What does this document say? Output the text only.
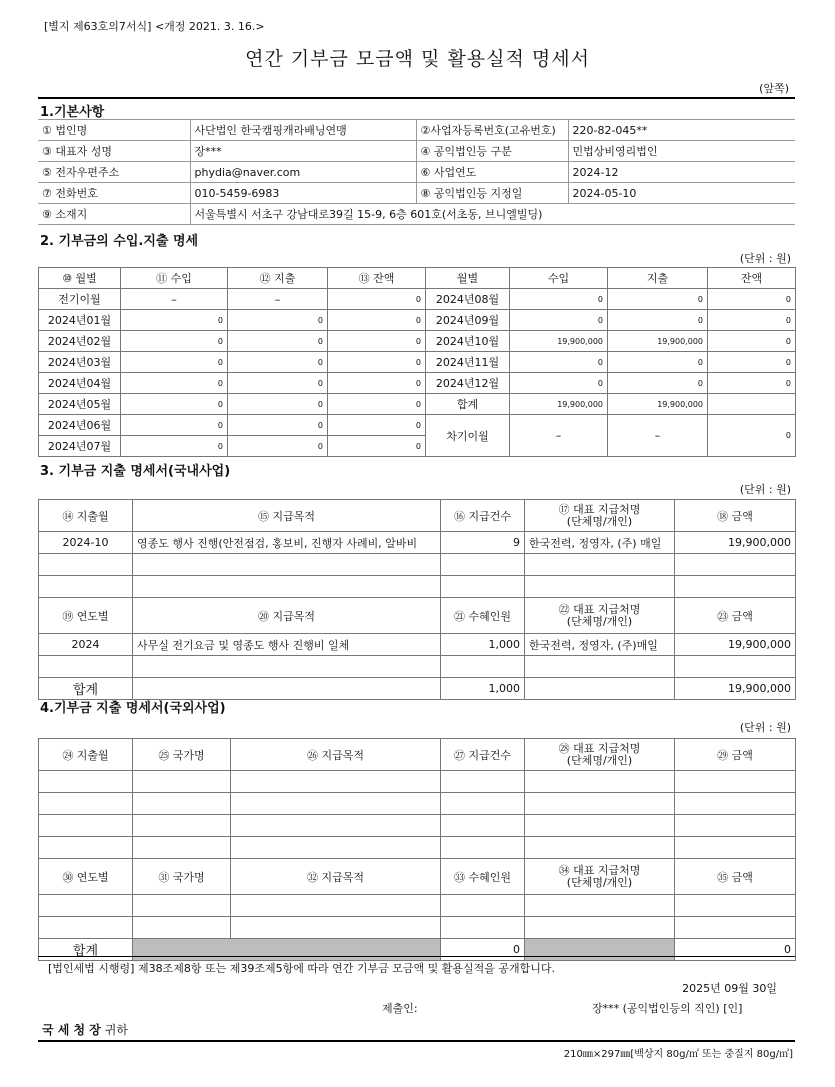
[별지 제63호의7서식] <개정 2021. 3. 16.>
연간 기부금 모금액 및 활용실적 명세서
(앞쪽)
1.기본사항
① 법인명	사단법인 한국캠핑캐라배닝연맹	②사업자등록번호(고유번호)	220-82-045**
③ 대표자 성명	장***	④ 공익법인등 구분	민법상비영리법인
⑤ 전자우편주소	phydia@naver.com	⑥ 사업연도	2024-12
⑦ 전화번호	010-5459-6983	⑧ 공익법인등 지정일	2024-05-10
⑨ 소재지	서울특별시 서초구 강남대로39길 15-9, 6층 601호(서초동, 브니엘빌딩)		
2. 기부금의 수입.지출 명세
(단위 : 원)
⑩ 월별	⑪ 수입	⑫ 지출	⑬ 잔액	월별	수입	지출	잔액
전기이월	–	–	0	2024년08월	0	0	0
2024년01월	0	0	0	2024년09월	0	0	0
2024년02월	0	0	0	2024년10월	19,900,000	19,900,000	0
2024년03월	0	0	0	2024년11월	0	0	0
2024년04월	0	0	0	2024년12월	0	0	0
2024년05월	0	0	0	합계	19,900,000	19,900,000	
2024년06월	0	0	0	차기이월	–	–	0
2024년07월	0	0	0				
3. 기부금 지출 명세서(국내사업)
(단위 : 원)
⑭ 지출월	⑮ 지급목적	⑯ 지급건수	⑰ 대표 지급처명
(단체명/개인)	⑱ 금액
2024-10	영종도 행사 진행(안전점검, 홍보비, 진행자 사례비, 알바비	9	한국전력, 정영자, (주) 매일	19,900,000

⑲ 연도별	⑳ 지급목적	㉑ 수혜인원	㉒ 대표 지급처명
(단체명/개인)	㉓ 금액
2024	사무실 전기요금 및 영종도 행사 진행비 일체	1,000	한국전력, 정영자, (주)매일	19,900,000

합계		1,000		19,900,000
4.기부금 지출 명세서(국외사업)
(단위 : 원)
㉔ 지출월	㉕ 국가명	㉖ 지급목적	㉗ 지급건수	㉘ 대표 지급처명
(단체명/개인)	㉙ 금액

㉚ 연도별	㉛ 국가명	㉜ 지급목적	㉝ 수혜인원	㉞ 대표 지급처명
(단체명/개인)	㉟ 금액

합계			0		0
[법인세법 시행령] 제38조제8항 또는 제39조제5항에 따라 연간 기부금 모금액 및 활용실적을 공개합니다.
2025년 09월 30일
제출인:	장*** (공익법인등의 직인) [인]
국 세 청 장 귀하
210㎜×297㎜[백상지 80g/㎡ 또는 중질지 80g/㎡]
